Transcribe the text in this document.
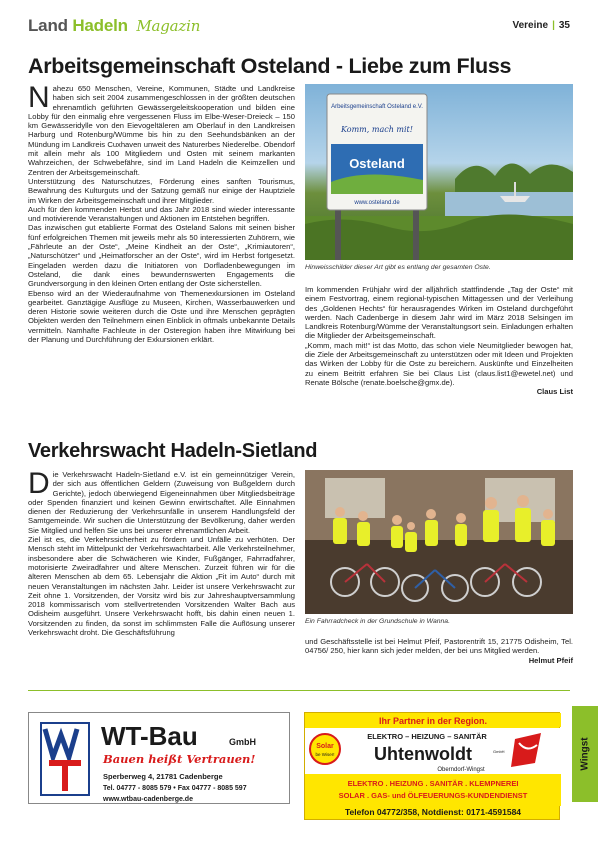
Land Hadeln Magazin	Vereine | 35
Arbeitsgemeinschaft Osteland - Liebe zum Fluss
N ahezu 650 Menschen, Vereine, Kommunen, Städte und Landkreise haben sich seit 2004 zusammengeschlossen in der größten deutschen ehrenamtlich geführten Gewässergeleitskooperation und bilden eine Lobby für den einmalig ehre vergessenen Fluss im Elbe-Weser-Dreieck – 150 km Gewässeridylle von den Eievogeltäleren am Oberlauf in den Landkreisen Harburg und Rotenburg/Wümme bis hin zu den Seehundsbänken an der Mündung im Landkreis Cuxhaven unweit des Naturerbes Niederelbe. Obendorf mit allein mehr als 100 Mitgliedern und Osten mit seinem markanten Wahrzeichen, der Schwebefähre, sind im Land Hadeln die Keimzellen und Zentren der Arbeitsgemeinschaft.

Unterstützung des Naturschutzes, Förderung eines sanften Tourismus, Bewahrung des Kulturguts und der Satzung gemäß nur einige der Hauptziele im Wirken der Arbeitsgemeinschaft und ihrer Mitglieder.

Auch für den kommenden Herbst und das Jahr 2018 sind wieder interessante und motivierende Veranstaltungen und Aktionen im Entstehen begriffen.

Das inzwischen gut etablierte Format des Osteland Salons mit seinen bisher fünf erfolgreichen Themen mit jeweils mehr als 50 interessierten Zuhörern, wie „Fährleute an der Oste“, „Meine Kindheit an der Oste“, „Krimiautoren“, „Naturschützer“ und „Heimatforscher an der Oste“, wird im Herbst fortgesetzt. Eingeladen werden dazu die Initiatoren von Dorfladenbewegungen im Osteland, die dank eines bewundernswerten Engagements die Grundversorgung in den kleinen Orten entlang der Oste sicherstellen.

Ebenso wird an der Wiederaufnahme von Themenexkursionen im Osteland gearbeitet. Ganztägige Ausflüge zu Museen, Kirchen, Wasserbauwerken und deren Historie sowie weiteren durch die Oste und ihre Menschen geprägten Objekten werden den Teilnehmern einen Einblick in oftmals unbekannte Details vermitteln. Namhafte Fachleute in der Osteregion haben ihre Mitwirkung bei der Planung und Durchführung der Exkursionen erklärt.

Arbeitsgemeinschaft Osteland e.V.
Komm, mach mit!
Osteland
www.osteland.de
Hinweisschilder dieser Art gibt es entlang der gesamten Oste.

Im kommenden Frühjahr wird der alljährlich stattfindende „Tag der Oste“ mit einem Festvortrag, einem regional-typischen Mittagessen und der Verleihung des „Goldenen Hechts“ für herausragendes Wirken im Osteland durchgeführt werden. Nach Cadenberge in diesem Jahr wird im März 2018 Selsingen im Landkreis Rotenburg/Wümme der Veranstaltungsort sein. Einladungen erhalten die Mitglieder der Arbeitsgemeinschaft.

„Komm, mach mit!“ ist das Motto, das schon viele Neumitglieder bewogen hat, die Ziele der Arbeitsgemeinschaft zu unterstützen oder mit Ideen und Projekten das Wirken der Lobby für die Oste zu bereichern. Auskünfte und Einzelheiten zu einem Beitritt erfahren Sie bei Claus List (claus.list1@ewetel.net) und Renate Bölsche (renate.boelsche@gmx.de).

Claus List

Verkehrswacht Hadeln-Sietland
D ie Verkehrswacht Hadeln-Sietland e.V. ist ein gemeinnütziger Verein, der sich aus öffentlichen Geldern (Zuweisung von Bußgeldern durch Gerichte), jedoch überwiegend Eigeneinnahmen über Mitgliedsbeiträge oder Spenden finanziert und keinen Gewinn erwirtschaftet. Alle Einnahmen dienen der Reduzierung der Verkehrsunfälle in unserem Handlungsfeld der Samtgemeinde. Wir suchen die Unterstützung der Bevölkerung, daher werden Sie Mitglied und helfen Sie uns bei unserer ehrenamtlichen Arbeit.

Ziel ist es, die Verkehrssicherheit zu fördern und Unfälle zu verhüten. Der Mensch steht im Mittelpunkt der Verkehrswachtarbeit. Alle Verkehrsteilnehmer, insbesondere aber die Schwächeren wie Kinder, Fußgänger, Fahrradfahrer, motorisierte Zweiradfahrer und ältere Menschen. Zurzeit führen wir für die älteren Menschen ab dem 65. Lebensjahr die Aktion „Fit im Auto“ durch mit neuen Veranstaltungen im nächsten Jahr. Leider ist unsere Verkehrswacht zur Zeit ohne 1. Vorsitzenden, der Vorsitz wird bis zur Jahreshauptversammlung 2018 kommissarisch vom stellvertretenden Vorsitzenden Walter Bach aus Odisheim ausgeführt. Unsere Verkehrswacht hofft, bis dahin einen neuen 1. Vorsitzenden zu finden, da sonst im schlimmsten Falle die Auflösung unserer Verkehrswacht droht. Die Geschäftsführung

Ein Fahrradcheck in der Grundschule in Wanna.

und Geschäftsstelle ist bei Helmut Pfeif, Pastorentrift 15, 21775 Odisheim, Tel. 04756/ 250, hier kann sich jeder melden, der bei uns Mitglied werden.

Helmut Pfeif

WT-Bau	GmbH
Bauen heißt Vertrauen!
Sperberweg 4, 21781 Cadenberge
Tel. 04777 - 8085 579 • Fax 04777 - 8085 597
www.wtbau-cadenberge.de
Ihr Partner in der Region.
Solar
be Wiser!
ELEKTRO – HEIZUNG – SANITÄR
Uhtenwoldt	GmbH
Oberndorf-Wingst
ELEKTRO . HEIZUNG . SANITÄR . KLEMPNEREI
SOLAR . GAS- und ÖLFEUERUNGS-KUNDENDIENST
Telefon 04772/358, Notdienst: 0171-4591584
Wingst
